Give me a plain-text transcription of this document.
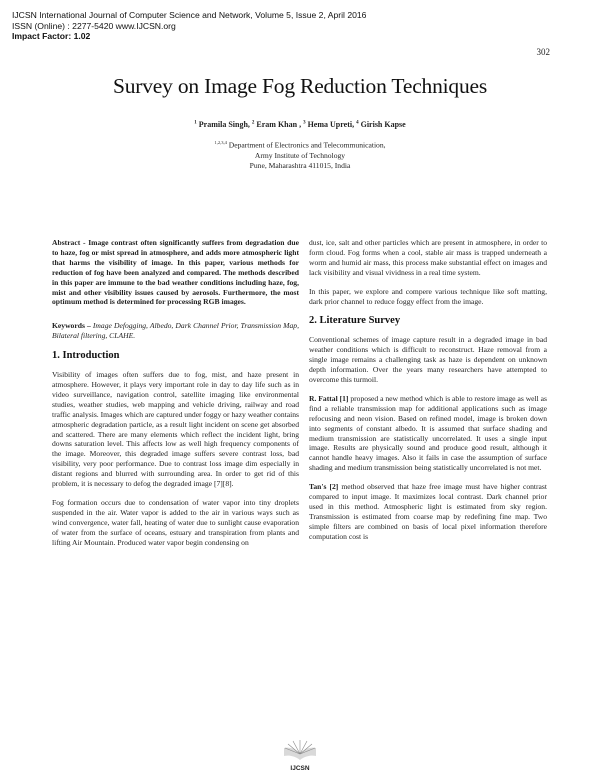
IJCSN International Journal of Computer Science and Network, Volume 5, Issue 2, April 2016
ISSN (Online) : 2277-5420 www.IJCSN.org
Impact Factor: 1.02
302
Survey on Image Fog Reduction Techniques
$^1$ Pramila Singh, $^2$ Eram Khan , $^3$ Hema Upreti, $^4$ Girish Kapse
$^{1,2,3,4}$ Department of Electronics and Telecommunication,
Army Institute of Technology
Pune, Maharashtra 411015, India

Abstract - Image contrast often significantly suffers from degradation due to haze, fog or mist spread in atmosphere, and adds more atmospheric light that harms the visibility of image. In this paper, various methods for reduction of fog have been analyzed and compared. The methods described in this paper are immune to the bad weather conditions including haze, fog, mist and other visibility issues caused by aerosols. Furthermore, the most optimum method is determined for processing RGB images.

Keywords – Image Defogging, Albedo, Dark Channel Prior, Transmission Map, Bilateral filtering, CLAHE.

1. Introduction

Visibility of images often suffers due to fog, mist, and haze present in atmosphere. However, it plays very important role in day to day life such as in video surveillance, navigation control, satellite imaging like environmental studies, weather studies, web mapping and vehicle driving, railway and road traffic analysis. Images which are captured under foggy or hazy weather contains atmospheric degradation particle, as a result light incident on scene get absorbed and scattered. There are many elements which reflect the incident light, bring downs saturation level. This affects low as well high frequency components of the image. Moreover, this degraded image suffers severe contrast loss, bad visibility, very poor performance. Due to contrast loss image dim especially in distant regions and blurred with surrounding area. In order to get rid of this problem, it is necessary to defog the degraded image [7][8].

Fog formation occurs due to condensation of water vapor into tiny droplets suspended in the air. Water vapor is added to the air in various ways such as wind convergence, water fall, heating of water due to sunlight cause evaporation of water from the surface of oceans, estuary and transpiration from plants and lifting Air Mountain. Produced water vapor begin condensing on

dust, ice, salt and other particles which are present in atmosphere, in order to form cloud. Fog forms when a cool, stable air mass is trapped underneath a worm and humid air mass, this process make substantial effect on images and lack visibility and visual vividness in a real time system.

In this paper, we explore and compere various technique like soft matting, dark prior channel to reduce foggy effect from the image.

2. Literature Survey

Conventional schemes of image capture result in a degraded image in bad weather conditions which is difficult to reconstruct. Haze removal from a single image remains a challenging task as haze is dependent on unknown depth information. Over the years many researchers have attempted to overcome this turmoil.

R. Fattal [1] proposed a new method which is able to restore image as well as find a reliable transmission map for additional applications such as image refocusing and neon vision. Based on refined model, image is broken down into segments of constant albedo. It is assumed that surface shading and medium transmission are statistically uncorrelated. It uses a single input image. Results are physically sound and produce good result, although it cannot handle heavy images. Also it fails in case the assumption of surface shading and medium transmission being statistically uncorrelated is not met.

Tan's [2] method observed that haze free image must have higher contrast compared to input image. It maximizes local contrast. Dark channel prior used in this method. Atmospheric light is estimated from sky region. Transmission is estimated from coarse map by redefining fine map. Two simple filters are combined on basis of local pixel information therefore computation cost is

IJCSN
